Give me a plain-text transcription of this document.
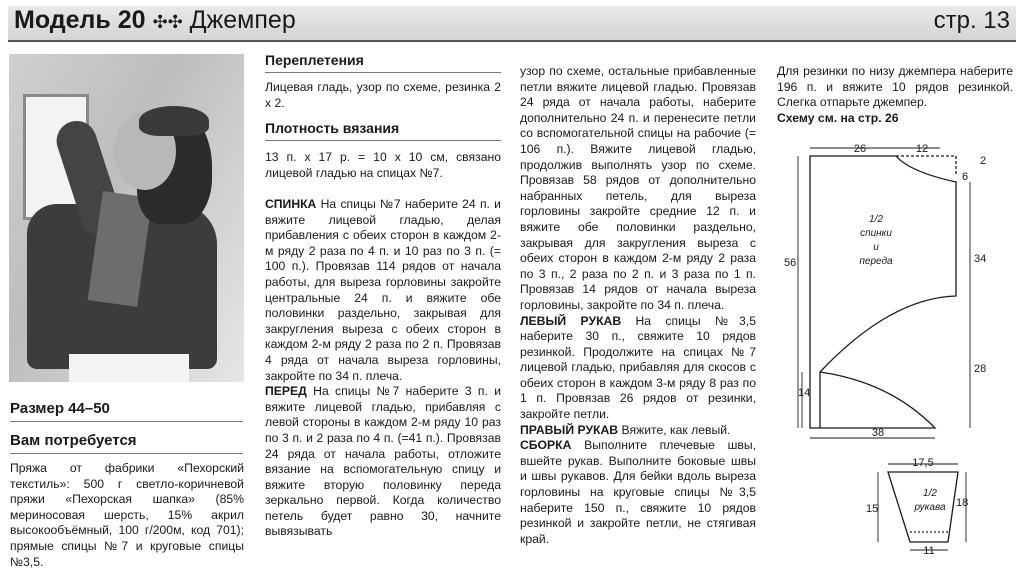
Модель 20 ✣✣ Джемпер	стр. 13
Размер 44–50
Вам потребуется

Пряжа от фабрики «Пехорский текстиль»: 500 г светло-коричневой пряжи «Пехорская шапка» (85% мериносовая шерсть, 15% акрил высокообъёмный, 100 г/200м, код 701); прямые спицы №7 и круговые спицы №3,5.

Переплетения

Лицевая гладь, узор по схеме, резинка 2 х 2.

Плотность вязания

13 п. х 17 р. = 10 х 10 см, связано лицевой гладью на спицах №7.

СПИНКА На спицы №7 наберите 24 п. и вяжите лицевой гладью, делая прибавления с обеих сторон в каждом 2-м ряду 2 раза по 4 п. и 10 раз по 3 п. (= 100 п.). Провязав 114 рядов от начала работы, для выреза горловины закройте центральные 24 п. и вяжите обе половинки раздельно, закрывая для закругления выреза с обеих сторон в каждом 2-м ряду 2 раза по 2 п. Провязав 4 ряда от начала выреза горловины, закройте по 34 п. плеча.

ПЕРЕД На спицы №7 наберите 3 п. и вяжите лицевой гладью, прибавляя с левой стороны в каждом 2-м ряду 10 раз по 3 п. и 2 раза по 4 п. (=41 п.). Провязав 24 ряда от начала работы, отложите вязание на вспомогательную спицу и вяжите вторую половинку переда зеркально первой. Когда количество петель будет равно 30, начните вывязывать

узор по схеме, остальные прибавленные петли вяжите лицевой гладью. Провязав 24 ряда от начала работы, наберите дополнительно 24 п. и перенесите петли со вспомогательной спицы на рабочие (= 106 п.). Вяжите лицевой гладью, продолжив выполнять узор по схеме. Провязав 58 рядов от дополнительно набранных петель, для выреза горловины закройте средние 12 п. и вяжите обе половинки раздельно, закрывая для закругления выреза с обеих сторон в каждом 2-м ряду 2 раза по 3 п., 2 раза по 2 п. и 3 раза по 1 п. Провязав 14 рядов от начала выреза горловины, закройте по 34 п. плеча.

ЛЕВЫЙ РУКАВ На спицы №3,5 наберите 30 п., свяжите 10 рядов резинкой. Продолжите на спицах №7 лицевой гладью, прибавляя для скосов с обеих сторон в каждом 3-м ряду 8 раз по 1 п. Провязав 26 рядов от резинки, закройте петли.

ПРАВЫЙ РУКАВ Вяжите, как левый.

СБОРКА Выполните плечевые швы, вшейте рукав. Выполните боковые швы и швы рукавов. Для бейки вдоль выреза горловины на круговые спицы №3,5 наберите 150 п., свяжите 10 рядов резинкой и закройте петли, не стягивая край.

Для резинки по низу джемпера наберите 196 п. и вяжите 10 рядов резинкой. Слегка отпарьте джемпер.

Схему см. на стр. 26

26	12
2
6
56	34
28
14
38
1/2
спинки
и
переда
17,5
15	18
11
1/2
рукава
